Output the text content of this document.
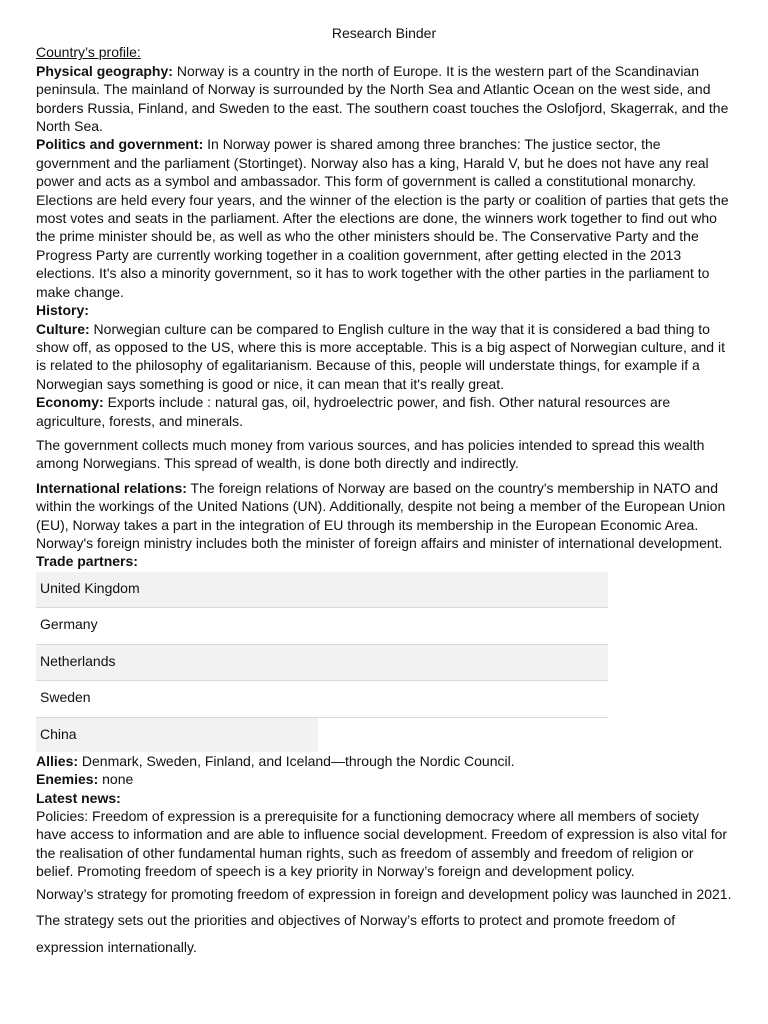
Research Binder

Country’s profile:

Physical geography: Norway is a country in the north of Europe. It is the western part of the Scandinavian peninsula. The mainland of Norway is surrounded by the North Sea and Atlantic Ocean on the west side, and borders Russia, Finland, and Sweden to the east. The southern coast touches the Oslofjord, Skagerrak, and the North Sea.

Politics and government: In Norway power is shared among three branches: The justice sector, the government and the parliament (Stortinget). Norway also has a king, Harald V, but he does not have any real power and acts as a symbol and ambassador. This form of government is called a constitutional monarchy. Elections are held every four years, and the winner of the election is the party or coalition of parties that gets the most votes and seats in the parliament. After the elections are done, the winners work together to find out who the prime minister should be, as well as who the other ministers should be. The Conservative Party and the Progress Party are currently working together in a coalition government, after getting elected in the 2013 elections. It's also a minority government, so it has to work together with the other parties in the parliament to make change.

History:

Culture: Norwegian culture can be compared to English culture in the way that it is considered a bad thing to show off, as opposed to the US, where this is more acceptable. This is a big aspect of Norwegian culture, and it is related to the philosophy of egalitarianism. Because of this, people will understate things, for example if a Norwegian says something is good or nice, it can mean that it's really great.

Economy: Exports include : natural gas, oil, hydroelectric power, and fish. Other natural resources are agriculture, forests, and minerals.

The government collects much money from various sources, and has policies intended to spread this wealth among Norwegians. This spread of wealth, is done both directly and indirectly.

International relations: The foreign relations of Norway are based on the country's membership in NATO and within the workings of the United Nations (UN). Additionally, despite not being a member of the European Union (EU), Norway takes a part in the integration of EU through its membership in the European Economic Area. Norway's foreign ministry includes both the minister of foreign affairs and minister of international development.

Trade partners:

United Kingdom
Germany
Netherlands
Sweden
China

Allies: Denmark, Sweden, Finland, and Iceland—through the Nordic Council.

Enemies: none

Latest news:

Policies: Freedom of expression is a prerequisite for a functioning democracy where all members of society have access to information and are able to influence social development. Freedom of expression is also vital for the realisation of other fundamental human rights, such as freedom of assembly and freedom of religion or belief. Promoting freedom of speech is a key priority in Norway’s foreign and development policy.

Norway’s strategy for promoting freedom of expression in foreign and development policy was launched in 2021. The strategy sets out the priorities and objectives of Norway’s efforts to protect and promote freedom of expression internationally.
